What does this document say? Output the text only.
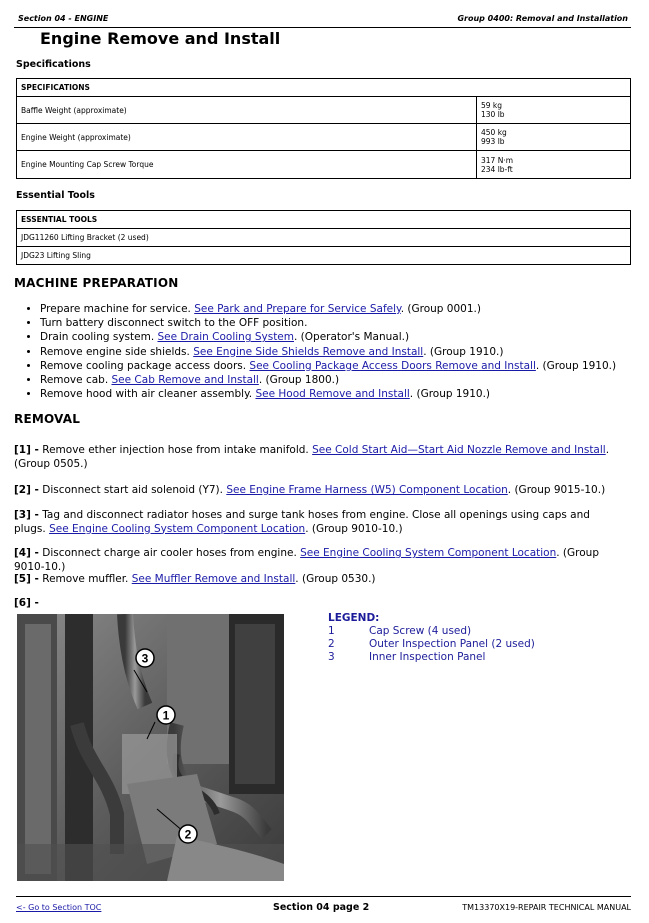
Section 04 - ENGINE	Group 0400: Removal and Installation
Engine Remove and Install
Specifications
SPECIFICATIONS	
Baffle Weight (approximate)	59 kg
130 lb

Engine Weight (approximate)	450 kg
993 lb

Engine Mounting Cap Screw Torque	317 N·m
234 lb-ft
Essential Tools
ESSENTIAL TOOLS
JDG11260 Lifting Bracket (2 used)
JDG23 Lifting Sling
MACHINE PREPARATION
• Prepare machine for service. See Park and Prepare for Service Safely. (Group 0001.)
• Turn battery disconnect switch to the OFF position.
• Drain cooling system. See Drain Cooling System. (Operator's Manual.)
• Remove engine side shields. See Engine Side Shields Remove and Install. (Group 1910.)
• Remove cooling package access doors. See Cooling Package Access Doors Remove and Install. (Group 1910.)
• Remove cab. See Cab Remove and Install. (Group 1800.)
• Remove hood with air cleaner assembly. See Hood Remove and Install. (Group 1910.)
REMOVAL
[1] - Remove ether injection hose from intake manifold. See Cold Start Aid—Start Aid Nozzle Remove and Install. (Group 0505.)
[2] - Disconnect start aid solenoid (Y7). See Engine Frame Harness (W5) Component Location. (Group 9015-10.)
[3] - Tag and disconnect radiator hoses and surge tank hoses from engine. Close all openings using caps and plugs. See Engine Cooling System Component Location. (Group 9010-10.)
[4] - Disconnect charge air cooler hoses from engine. See Engine Cooling System Component Location. (Group 9010-10.)
[5] - Remove muffler. See Muffler Remove and Install. (Group 0530.)
[6] -
3
1
2
LEGEND:
1	Cap Screw (4 used)
2	Outer Inspection Panel (2 used)
3	Inner Inspection Panel
<- Go to Section TOC	Section 04 page 2	TM13370X19-REPAIR TECHNICAL MANUAL
